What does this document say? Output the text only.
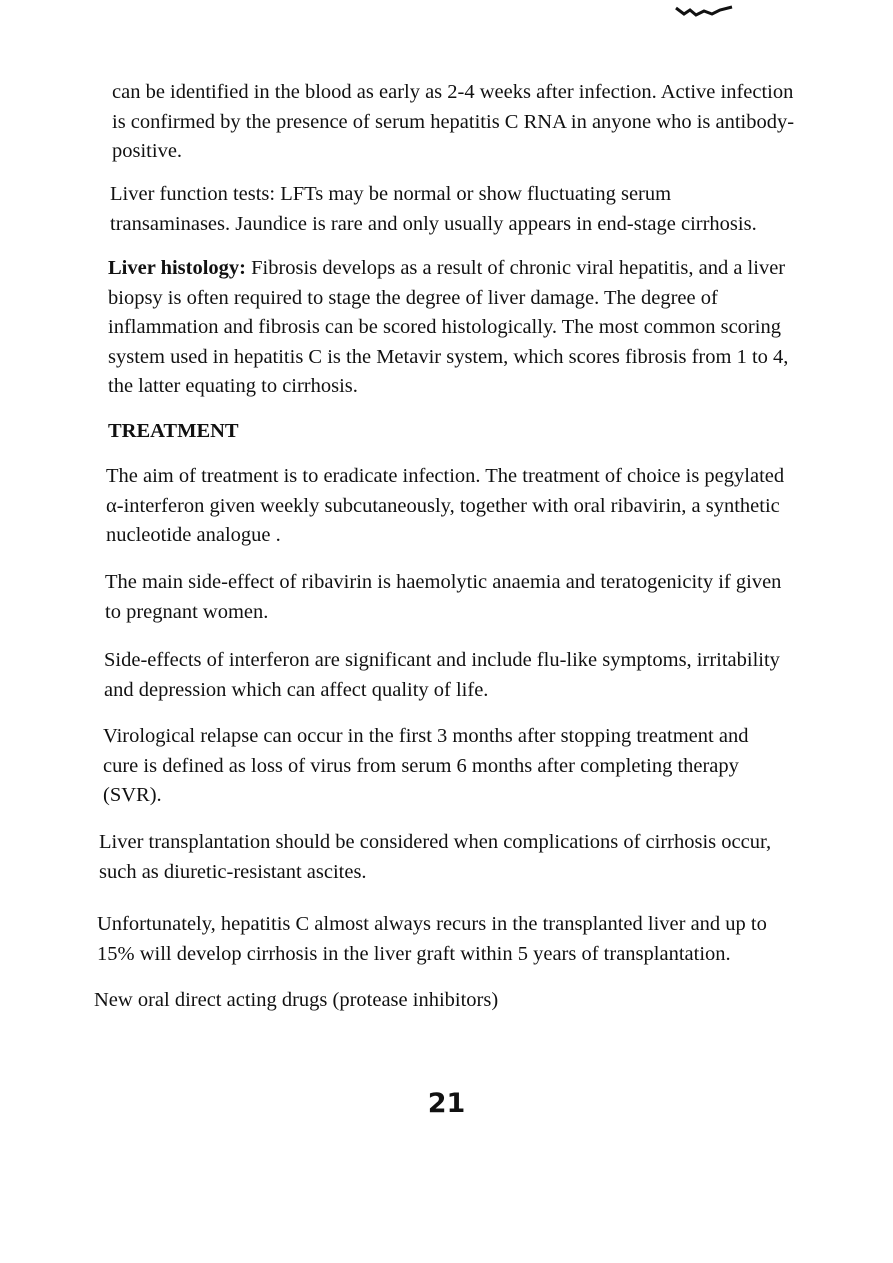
can be identified in the blood as early as 2-4 weeks after infection. Active infection
is confirmed by the presence of serum hepatitis C RNA in anyone who is antibody-
positive.

Liver function tests: LFTs may be normal or show fluctuating serum
transaminases. Jaundice is rare and only usually appears in end-stage cirrhosis.

Liver histology: Fibrosis develops as a result of chronic viral hepatitis, and a liver
biopsy is often required to stage the degree of liver damage. The degree of
inflammation and fibrosis can be scored histologically. The most common scoring
system used in hepatitis C is the Metavir system, which scores fibrosis from 1 to 4,
the latter equating to cirrhosis.

TREATMENT

The aim of treatment is to eradicate infection. The treatment of choice is pegylated
α-interferon given weekly subcutaneously, together with oral ribavirin, a synthetic
nucleotide analogue .

The main side-effect of ribavirin is haemolytic anaemia and teratogenicity if given
to pregnant women.

Side-effects of interferon are significant and include flu-like symptoms, irritability
and depression which can affect quality of life.

Virological relapse can occur in the first 3 months after stopping treatment and
cure is defined as loss of virus from serum 6 months after completing therapy
(SVR).

Liver transplantation should be considered when complications of cirrhosis occur,
such as diuretic-resistant ascites.

Unfortunately, hepatitis C almost always recurs in the transplanted liver and up to
15% will develop cirrhosis in the liver graft within 5 years of transplantation.

New oral direct acting drugs (protease inhibitors)

21
